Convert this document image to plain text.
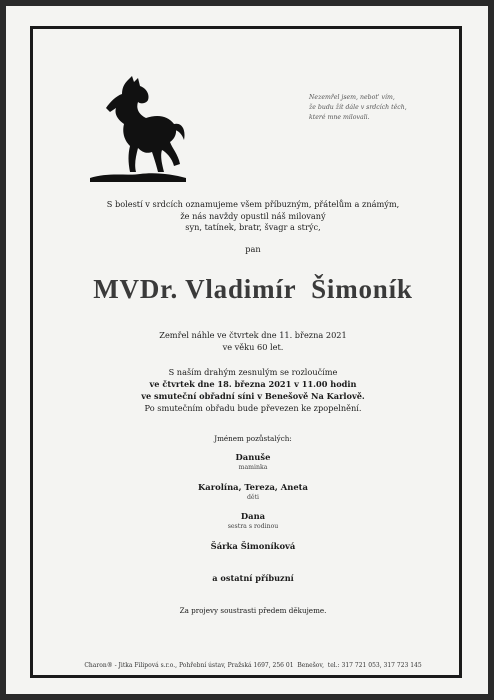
Nezemřel jsem, nebot' vím,
že budu žít dále v srdcích těch,
které mne milovali.
S bolestí v srdcích oznamujeme všem příbuzným, přátelům a známým,
že nás navždy opustil náš milovaný
syn, tatínek, bratr, švagr a strýc,
pan
MVDr. Vladimír  Šimoník
Zemřel náhle ve čtvrtek dne 11. března 2021
ve věku 60 let.
S naším drahým zesnulým se rozloučíme
ve čtvrtek dne 18. března 2021 v 11.00 hodin
ve smuteční obřadní síni v Benešově Na Karlově.
Po smutečním obřadu bude převezen ke zpopelnění.
Jménem pozůstalých:
Danuše
maminka
Karolína, Tereza, Aneta
děti
Dana
sestra s rodinou
Šárka Šimoníková
a ostatní příbuzní
Za projevy soustrasti předem děkujeme.
Charon® - Jitka Filipová s.r.o., Pohřební ústav, Pražská 1697, 256 01  Benešov,  tel.: 317 721 053, 317 723 145
